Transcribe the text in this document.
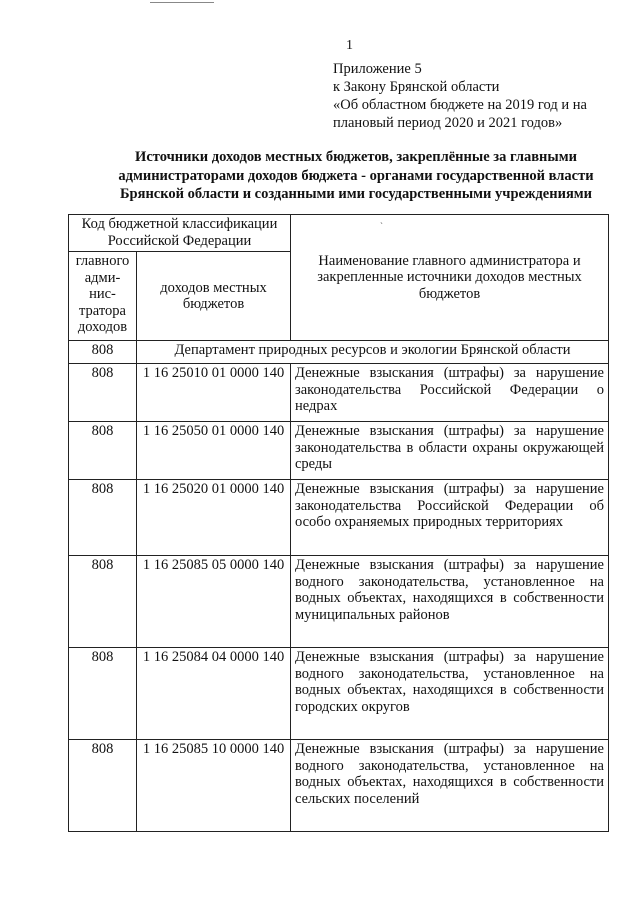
1
Приложение 5
к Закону Брянской области
«Об областном бюджете на 2019 год и на
плановый период 2020 и 2021 годов»
Источники доходов местных бюджетов, закреплённые за главными администраторами доходов бюджета - органами государственной власти Брянской области и созданными ими государственными учреждениями
ˋ
Код бюджетной классификации Российской Федерации		Наименование главного администратора и закрепленные источники доходов местных бюджетов
главного адми-нис-тратора доходов	доходов местных бюджетов	
808	Департамент природных ресурсов и экологии Брянской области	
808	1 16 25010 01 0000 140	Денежные взыскания (штрафы) за нарушение законодательства Российской Федерации о недрах
808	1 16 25050 01 0000 140	Денежные взыскания (штрафы) за нарушение законодательства в области охраны окружающей среды
808	1 16 25020 01 0000 140	Денежные взыскания (штрафы) за нарушение законодательства Российской Федерации об особо охраняемых природных территориях
808	1 16 25085 05 0000 140	Денежные взыскания (штрафы) за нарушение водного законодательства, установленное на водных объектах, находящихся в собственности муниципальных районов
808	1 16 25084 04 0000 140	Денежные взыскания (штрафы) за нарушение водного законодательства, установленное на водных объектах, находящихся в собственности городских округов
808	1 16 25085 10 0000 140	Денежные взыскания (штрафы) за нарушение водного законодательства, установленное на водных объектах, находящихся в собственности сельских поселений
